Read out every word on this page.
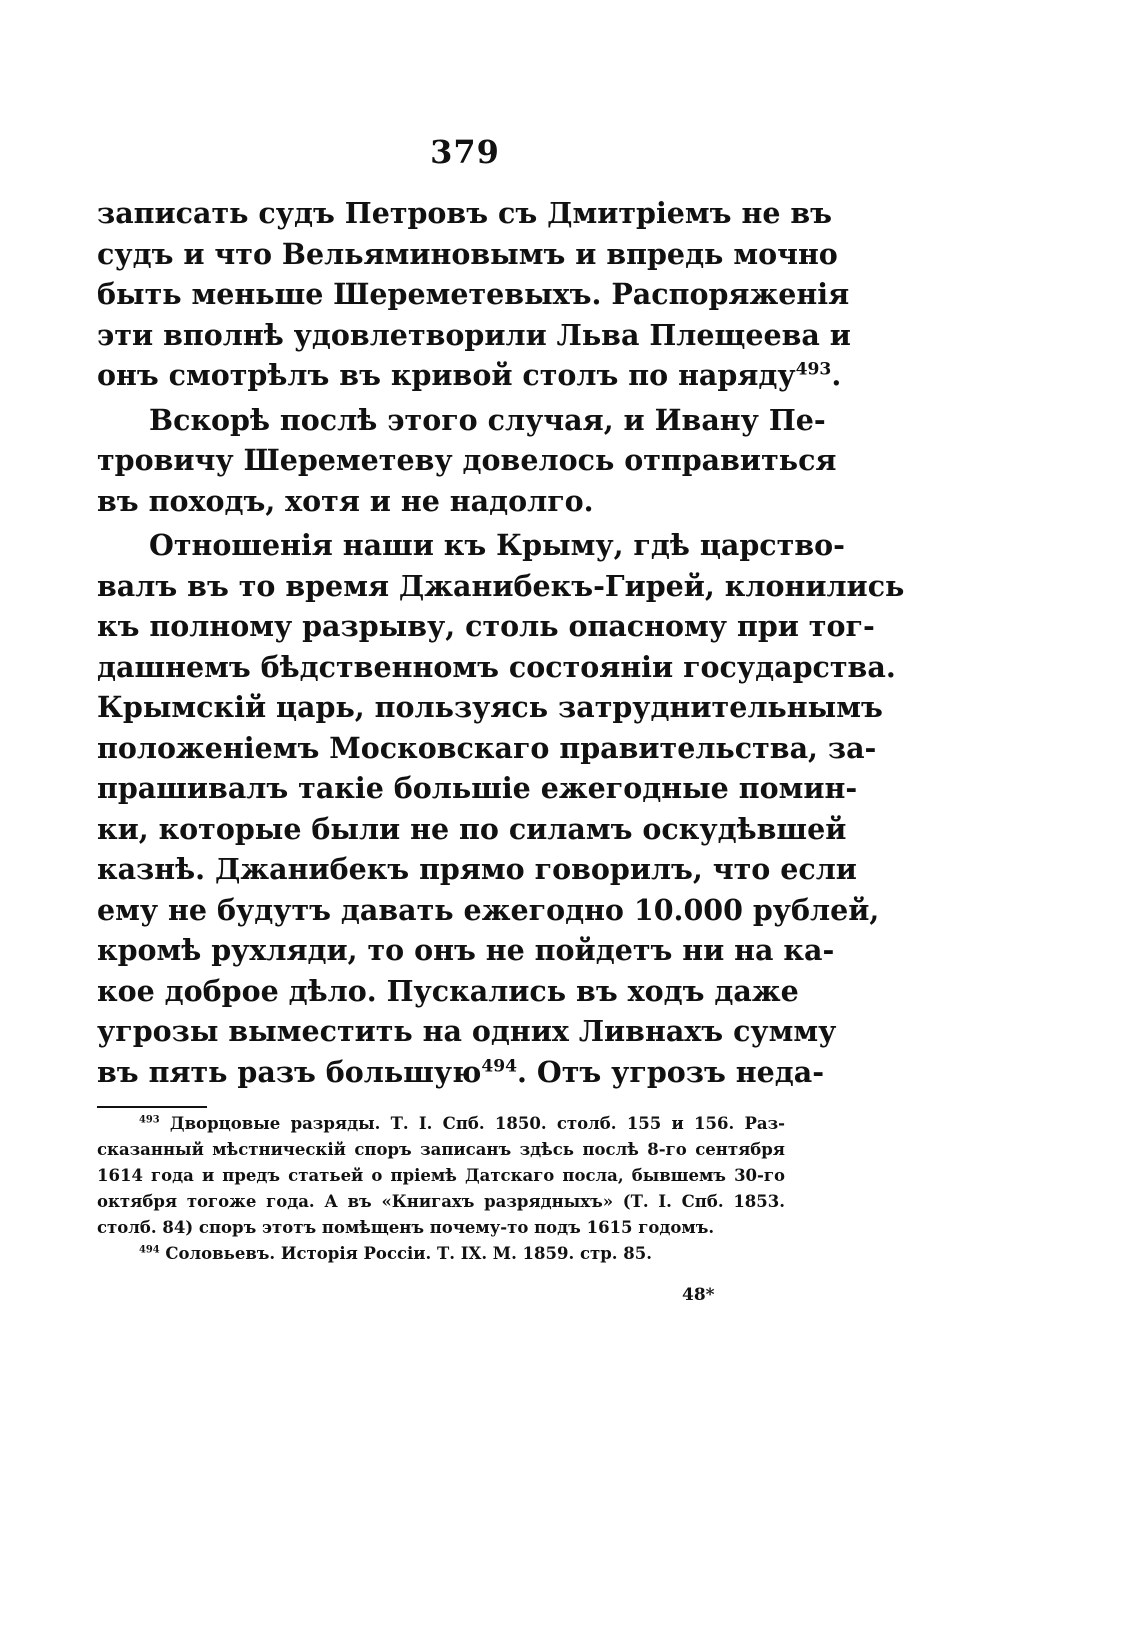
379
записать судъ Петровъ съ Дмитріемъ не въ
судъ и что Вельяминовымъ и впредь мочно
быть меньше Шереметевыхъ. Распоряженія
эти вполнѣ удовлетворили Льва Плещеева и
онъ смотрѣлъ въ кривой столъ по наряду$^{493}$.
Вскорѣ послѣ этого случая, и Ивану Пе-
тровичу Шереметеву довелось отправиться
въ походъ, хотя и не надолго.
Отношенія наши къ Крыму, гдѣ царство-
валъ въ то время Джанибекъ-Гирей, клонились
къ полному разрыву, столь опасному при тог-
дашнемъ бѣдственномъ состояніи государства.
Крымскій царь, пользуясь затруднительнымъ
положеніемъ Московскаго правительства, за-
прашивалъ такіе большіе ежегодные помин-
ки, которые были не по силамъ оскудѣвшей
казнѣ. Джанибекъ прямо говорилъ, что если
ему не будутъ давать ежегодно 10.000 рублей,
кромѣ рухляди, то онъ не пойдетъ ни на ка-
кое доброе дѣло. Пускались въ ходъ даже
угрозы выместить на одних Ливнахъ сумму
въ пять разъ большую$^{494}$. Отъ угрозъ неда-
$^{493}$ Дворцовые разряды. Т. I. Спб. 1850. столб. 155 и 156. Раз-
сказанный мѣстническій споръ записанъ здѣсь послѣ 8-го сентября
1614 года и предъ статьей о пріемѣ Датскаго посла, бывшемъ 30-го
октября тогоже года. А въ «Книгахъ разрядныхъ» (Т. I. Спб. 1853.
столб. 84) споръ этотъ помѣщенъ почему-то подъ 1615 годомъ.
$^{494}$ Соловьевъ. Исторія Россіи. Т. IX. М. 1859. стр. 85.
48*
